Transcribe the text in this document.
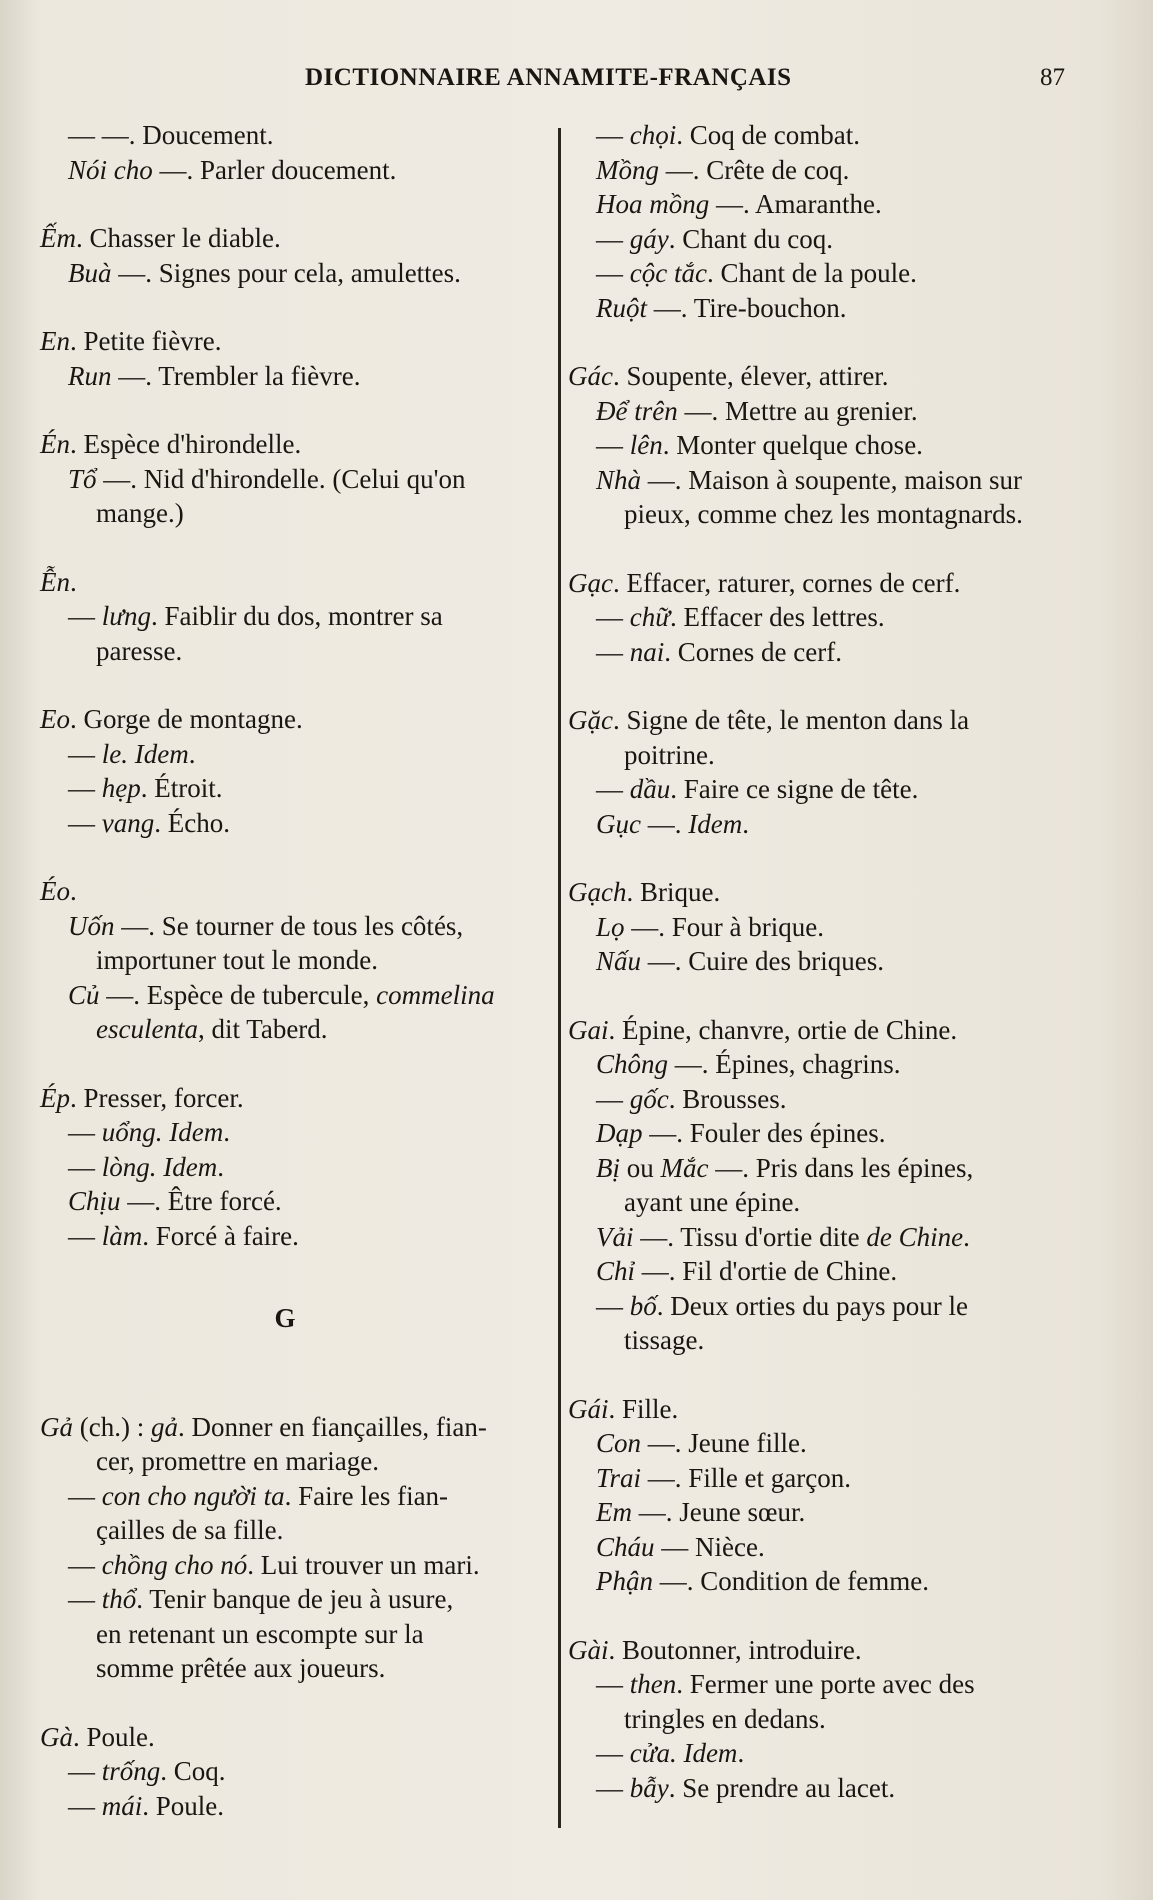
DICTIONNAIRE ANNAMITE-FRANÇAIS	87
— —. Doucement.
Nói cho —. Parler doucement.
Ếm. Chasser le diable.
Buà —. Signes pour cela, amulettes.
En. Petite fièvre.
Run —. Trembler la fièvre.
Én. Espèce d'hirondelle.
Tổ —. Nid d'hirondelle. (Celui qu'on
mange.)
Ễn.
— lưng. Faiblir du dos, montrer sa
paresse.
Eo. Gorge de montagne.
— le. Idem.
— hẹp. Étroit.
— vang. Écho.
Éo.
Uốn —. Se tourner de tous les côtés,
importuner tout le monde.
Củ —. Espèce de tubercule, commelina
esculenta, dit Taberd.
Ép. Presser, forcer.
— uổng. Idem.
— lòng. Idem.
Chịu —. Être forcé.
— làm. Forcé à faire.
G
Gả (ch.) : gả. Donner en fiançailles, fian-
cer, promettre en mariage.
— con cho người ta. Faire les fian-
çailles de sa fille.
— chồng cho nó. Lui trouver un mari.
— thổ. Tenir banque de jeu à usure,
en retenant un escompte sur la
somme prêtée aux joueurs.
Gà. Poule.
— trống. Coq.
— mái. Poule.
— chọi. Coq de combat.
Mồng —. Crête de coq.
Hoa mồng —. Amaranthe.
— gáy. Chant du coq.
— cộc tắc. Chant de la poule.
Ruột —. Tire-bouchon.
Gác. Soupente, élever, attirer.
Để trên —. Mettre au grenier.
— lên. Monter quelque chose.
Nhà —. Maison à soupente, maison sur
pieux, comme chez les montagnards.
Gạc. Effacer, raturer, cornes de cerf.
— chữ. Effacer des lettres.
— nai. Cornes de cerf.
Gặc. Signe de tête, le menton dans la
poitrine.
— dầu. Faire ce signe de tête.
Gục —. Idem.
Gạch. Brique.
Lọ —. Four à brique.
Nấu —. Cuire des briques.
Gai. Épine, chanvre, ortie de Chine.
Chông —. Épines, chagrins.
— gốc. Brousses.
Dạp —. Fouler des épines.
Bị ou Mắc —. Pris dans les épines,
ayant une épine.
Vải —. Tissu d'ortie dite de Chine.
Chỉ —. Fil d'ortie de Chine.
— bố. Deux orties du pays pour le
tissage.
Gái. Fille.
Con —. Jeune fille.
Trai —. Fille et garçon.
Em —. Jeune sœur.
Cháu — Nièce.
Phận —. Condition de femme.
Gài. Boutonner, introduire.
— then. Fermer une porte avec des
tringles en dedans.
— cửa. Idem.
— bẫy. Se prendre au lacet.
